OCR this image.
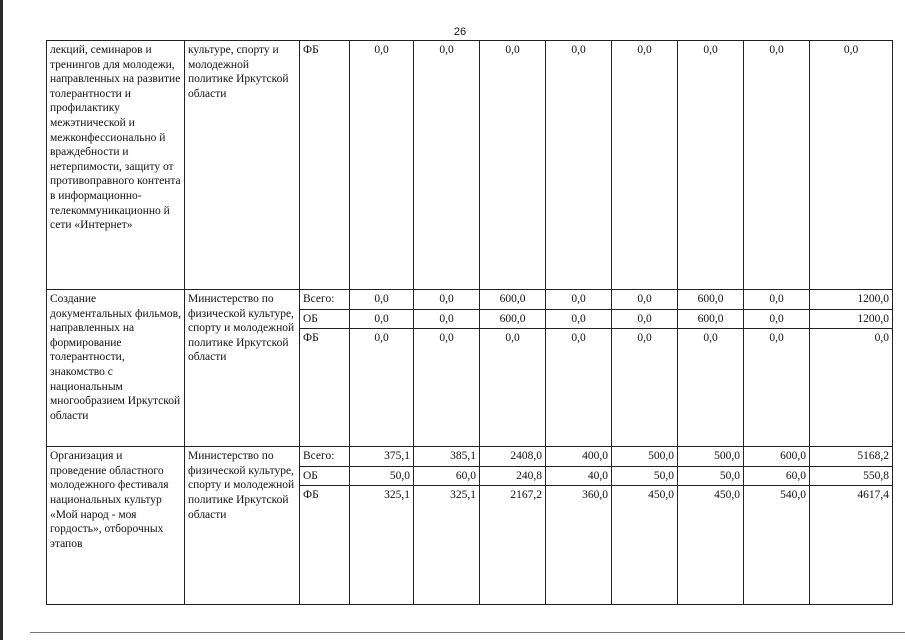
26
лекций, семинаров и тренингов для молодежи, направленных на развитие толерантности и профилактику межэтнической и межконфессионально й враждебности и нетерпимости, защиту от противоправного контента в информационно-телекоммуникационно й сети «Интернет»	культуре, спорту и молодежной политике Иркутской области	ФБ	0,0	0,0	0,0	0,0	0,0	0,0	0,0	0,0
Создание документальных фильмов, направленных на формирование толерантности, знакомство с национальным многообразием Иркутской области	Министерство по физической культуре, спорту и молодежной политике Иркутской области	Всего:	0,0	0,0	600,0	0,0	0,0	600,0	0,0	1200,0
		ОБ	0,0	0,0	600,0	0,0	0,0	600,0	0,0	1200,0
		ФБ	0,0	0,0	0,0	0,0	0,0	0,0	0,0	0,0
Организация и проведение областного молодежного фестиваля национальных культур «Мой народ - моя гордость», отборочных этапов	Министерство по физической культуре, спорту и молодежной политике Иркутской области	Всего:	375,1	385,1	2408,0	400,0	500,0	500,0	600,0	5168,2
		ОБ	50,0	60,0	240,8	40,0	50,0	50,0	60,0	550,8
		ФБ	325,1	325,1	2167,2	360,0	450,0	450,0	540,0	4617,4
